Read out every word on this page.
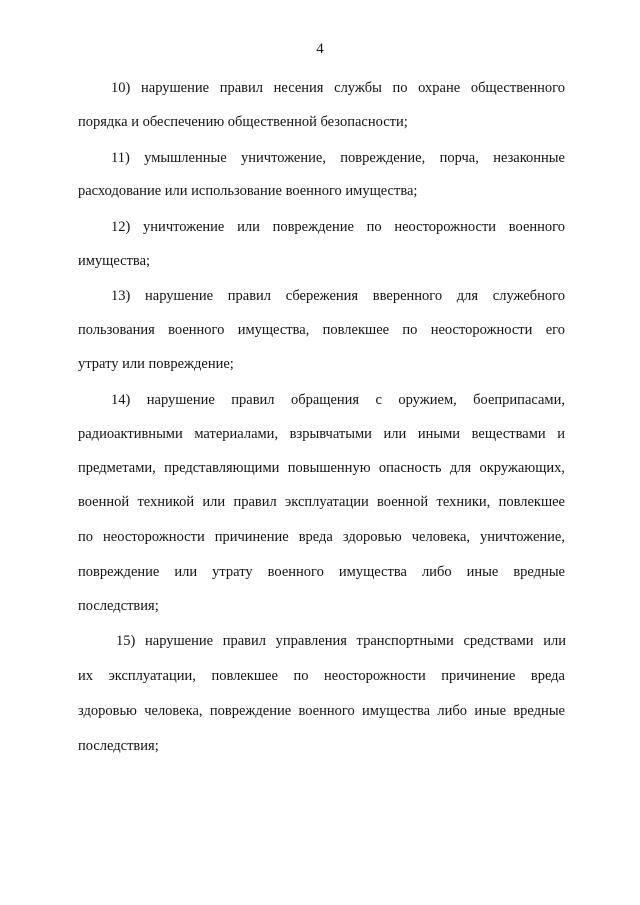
4
10) нарушение правил несения службы по охране общественного
порядка и обеспечению общественной безопасности;
11) умышленные уничтожение, повреждение, порча, незаконные
расходование или использование военного имущества;
12) уничтожение или повреждение по неосторожности военного
имущества;
13) нарушение правил сбережения вверенного для служебного
пользования военного имущества, повлекшее по неосторожности его
утрату или повреждение;
14) нарушение правил обращения с оружием, боеприпасами,
радиоактивными материалами, взрывчатыми или иными веществами и
предметами, представляющими повышенную опасность для окружающих,
военной техникой или правил эксплуатации военной техники, повлекшее
по неосторожности причинение вреда здоровью человека, уничтожение,
повреждение или утрату военного имущества либо иные вредные
последствия;
15) нарушение правил управления транспортными средствами или
их эксплуатации, повлекшее по неосторожности причинение вреда
здоровью человека, повреждение военного имущества либо иные вредные
последствия;
